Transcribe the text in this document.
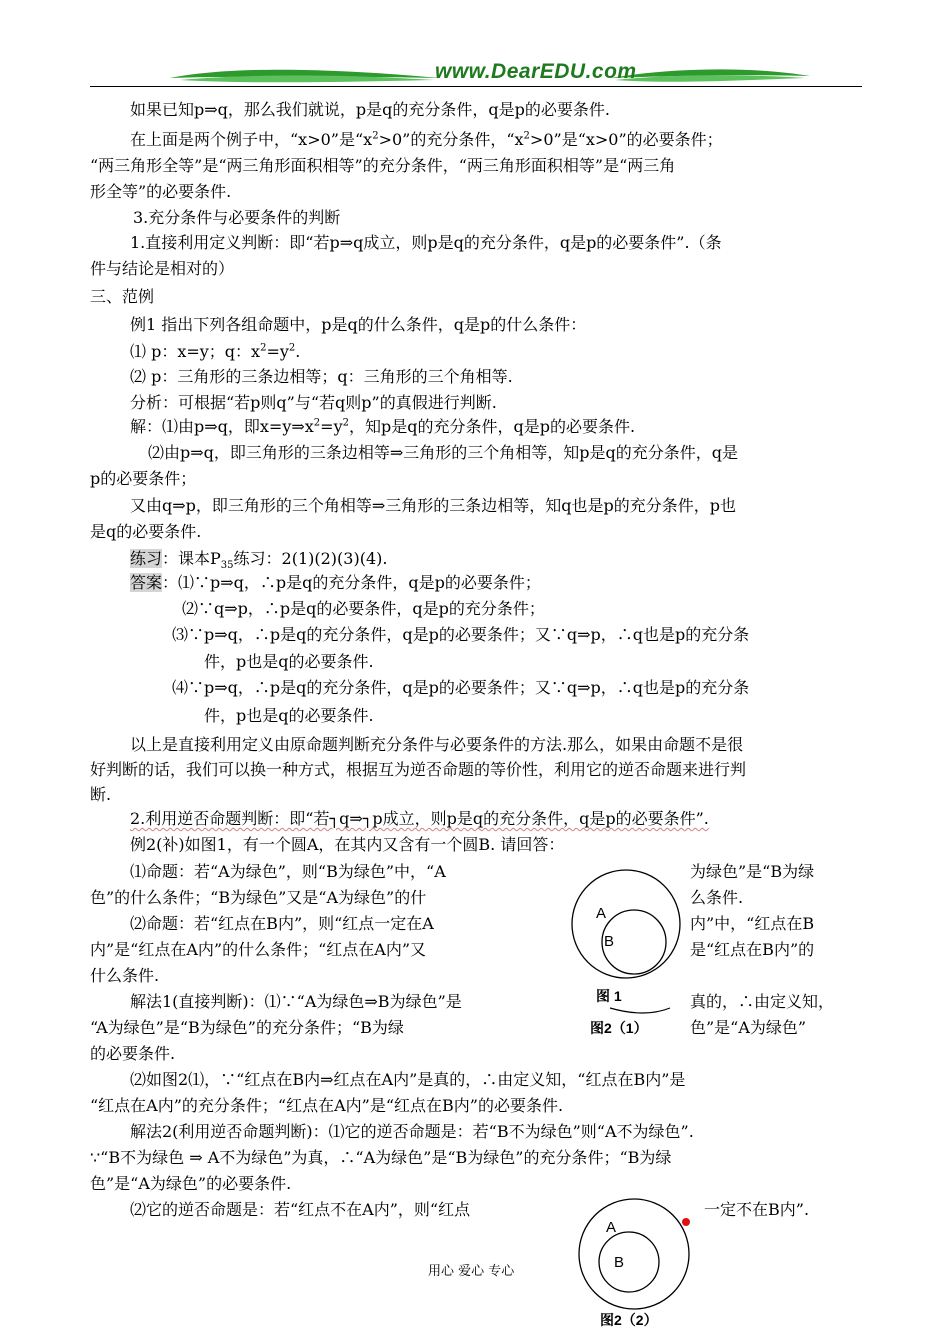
www.DearEDU.com
如果已知p⇒q，那么我们就说，p是q的充分条件，q是p的必要条件.
在上面是两个例子中，“x>0”是“$x^2>0$”的充分条件，“$x^2>0$”是“x>0”的必要条件；
“两三角形全等”是“两三角形面积相等”的充分条件，“两三角形面积相等”是“两三角
形全等”的必要条件.
3.充分条件与必要条件的判断
1.直接利用定义判断：即“若p⇒q成立，则p是q的充分条件，q是p的必要条件”.（条
件与结论是相对的）
三、范例
例1 指出下列各组命题中，p是q的什么条件，q是p的什么条件：
⑴ p：x=y；q：$x^2=y^2$.
⑵ p：三角形的三条边相等；q：三角形的三个角相等.
分析：可根据“若p则q”与“若q则p”的真假进行判断.
解：⑴由p⇒q，即$x=y\Rightarrow x^2=y^2$，知p是q的充分条件，q是p的必要条件.
⑵由p⇒q，即三角形的三条边相等⇒三角形的三个角相等，知p是q的充分条件，q是
p的必要条件；
又由q⇒p，即三角形的三个角相等⇒三角形的三条边相等，知q也是p的充分条件，p也
是q的必要条件.
练习：课本$P_{35}$练习：2(1)(2)(3)(4).
答案：⑴∵p⇒q，∴p是q的充分条件，q是p的必要条件；
⑵∵q⇒p，∴p是q的必要条件，q是p的充分条件；
⑶∵p⇒q，∴p是q的充分条件，q是p的必要条件；又∵q⇒p，∴q也是p的充分条
件，p也是q的必要条件.
⑷∵p⇒q，∴p是q的充分条件，q是p的必要条件；又∵q⇒p，∴q也是p的充分条
件，p也是q的必要条件.
以上是直接利用定义由原命题判断充分条件与必要条件的方法.那么，如果由命题不是很
好判断的话，我们可以换一种方式，根据互为逆否命题的等价性，利用它的逆否命题来进行判
断.
2.利用逆否命题判断：即“若┐q⇒┐p成立，则p是q的充分条件，q是p的必要条件”.
例2(补)如图1，有一个圆A，在其内又含有一个圆B. 请回答：
⑴命题：若“A为绿色”，则“B为绿色”中，“A
色”的什么条件；“B为绿色”又是“A为绿色”的什
⑵命题：若“红点在B内”，则“红点一定在A
内”是“红点在A内”的什么条件；“红点在A内”又
什么条件.
解法1(直接判断)：⑴∵“A为绿色⇒B为绿色”是
“A为绿色”是“B为绿色”的充分条件；“B为绿
的必要条件.
为绿色”是“B为绿
么条件.
内”中，“红点在B
是“红点在B内”的
真的，∴由定义知，
色”是“A为绿色”
A
B
图 1
图2（1）
⑵如图2⑴，∵“红点在B内⇒红点在A内”是真的，∴由定义知，“红点在B内”是
“红点在A内”的充分条件；“红点在A内”是“红点在B内”的必要条件.
解法2(利用逆否命题判断)：⑴它的逆否命题是：若“B不为绿色”则“A不为绿色”.
∵“B不为绿色 ⇒ A不为绿色”为真，∴“A为绿色”是“B为绿色”的充分条件；“B为绿
色”是“A为绿色”的必要条件.
⑵它的逆否命题是：若“红点不在A内”，则“红点	一定不在B内”.
A
B
图2（2）
用心 爱心 专心
